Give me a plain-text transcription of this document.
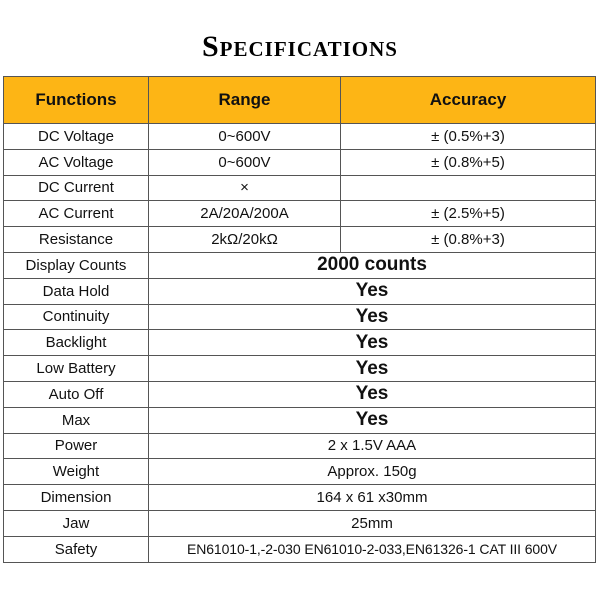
Specifications
Functions	Range	Accuracy
DC Voltage	0~600V	± (0.5%+3)
AC Voltage	0~600V	± (0.8%+5)
DC Current	×	
AC Current	2A/20A/200A	± (2.5%+5)
Resistance	2kΩ/20kΩ	± (0.8%+3)
Display Counts	2000 counts	
Data Hold	Yes	
Continuity	Yes	
Backlight	Yes	
Low Battery	Yes	
Auto Off	Yes	
Max	Yes	
Power	2 x 1.5V AAA	
Weight	Approx. 150g	
Dimension	164 x 61 x30mm	
Jaw	25mm	
Safety	EN61010-1,-2-030 EN61010-2-033,EN61326-1 CAT III 600V	
